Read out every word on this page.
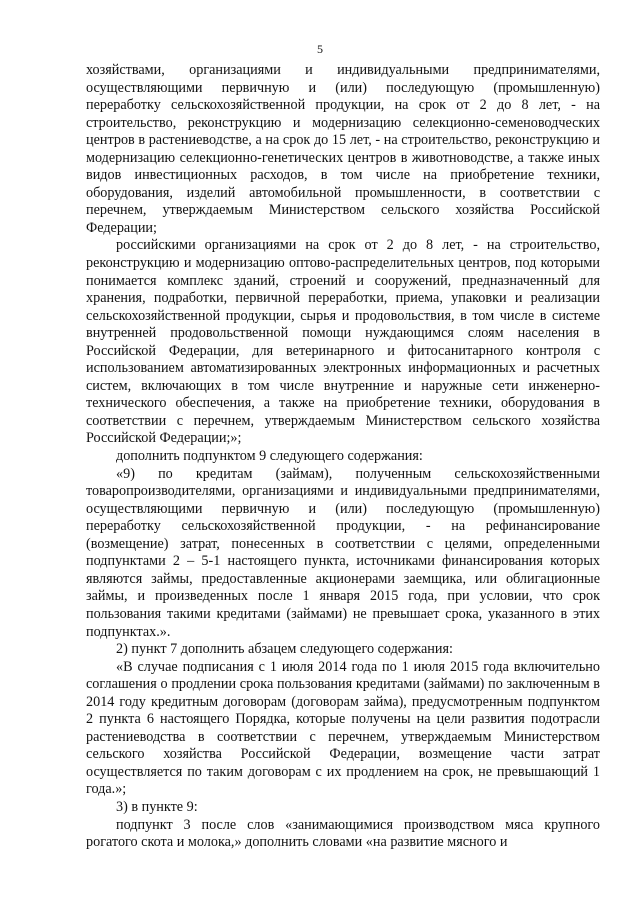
5

хозяйствами, организациями и индивидуальными предпринимателями, осуществляющими первичную и (или) последующую (промышленную) переработку сельскохозяйственной продукции, на срок от 2 до 8 лет, - на строительство, реконструкцию и модернизацию селекционно-семеноводческих центров в растениеводстве, а на срок до 15 лет, - на строительство, реконструкцию и модернизацию селекционно-генетических центров в животноводстве, а также иных видов инвестиционных расходов, в том числе на приобретение техники, оборудования, изделий автомобильной промышленности, в соответствии с перечнем, утверждаемым Министерством сельского хозяйства Российской Федерации;

российскими организациями на срок от 2 до 8 лет, - на строительство, реконструкцию и модернизацию оптово-распределительных центров, под которыми понимается комплекс зданий, строений и сооружений, предназначенный для хранения, подработки, первичной переработки, приема, упаковки и реализации сельскохозяйственной продукции, сырья и продовольствия, в том числе в системе внутренней продовольственной помощи нуждающимся слоям населения в Российской Федерации, для ветеринарного и фитосанитарного контроля с использованием автоматизированных электронных информационных и расчетных систем, включающих в том числе внутренние и наружные сети инженерно-технического обеспечения, а также на приобретение техники, оборудования в соответствии с перечнем, утверждаемым Министерством сельского хозяйства Российской Федерации;»;

дополнить подпунктом 9 следующего содержания:

«9) по кредитам (займам), полученным сельскохозяйственными товаропроизводителями, организациями и индивидуальными предпринимателями, осуществляющими первичную и (или) последующую (промышленную) переработку сельскохозяйственной продукции, - на рефинансирование (возмещение) затрат, понесенных в соответствии с целями, определенными подпунктами 2 – 5-1 настоящего пункта, источниками финансирования которых являются займы, предоставленные акционерами заемщика, или облигационные займы, и произведенных после 1 января 2015 года, при условии, что срок пользования такими кредитами (займами) не превышает срока, указанного в этих подпунктах.».

2) пункт 7 дополнить абзацем следующего содержания:

«В случае подписания с 1 июля 2014 года по 1 июля 2015 года включительно соглашения о продлении срока пользования кредитами (займами) по заключенным в 2014 году кредитным договорам (договорам займа), предусмотренным подпунктом 2 пункта 6 настоящего Порядка, которые получены на цели развития подотрасли растениеводства в соответствии с перечнем, утверждаемым Министерством сельского хозяйства Российской Федерации, возмещение части затрат осуществляется по таким договорам с их продлением на срок, не превышающий 1 года.»;

3) в пункте 9:

подпункт 3 после слов «занимающимися производством мяса крупного рогатого скота и молока,» дополнить словами «на развитие мясного и
